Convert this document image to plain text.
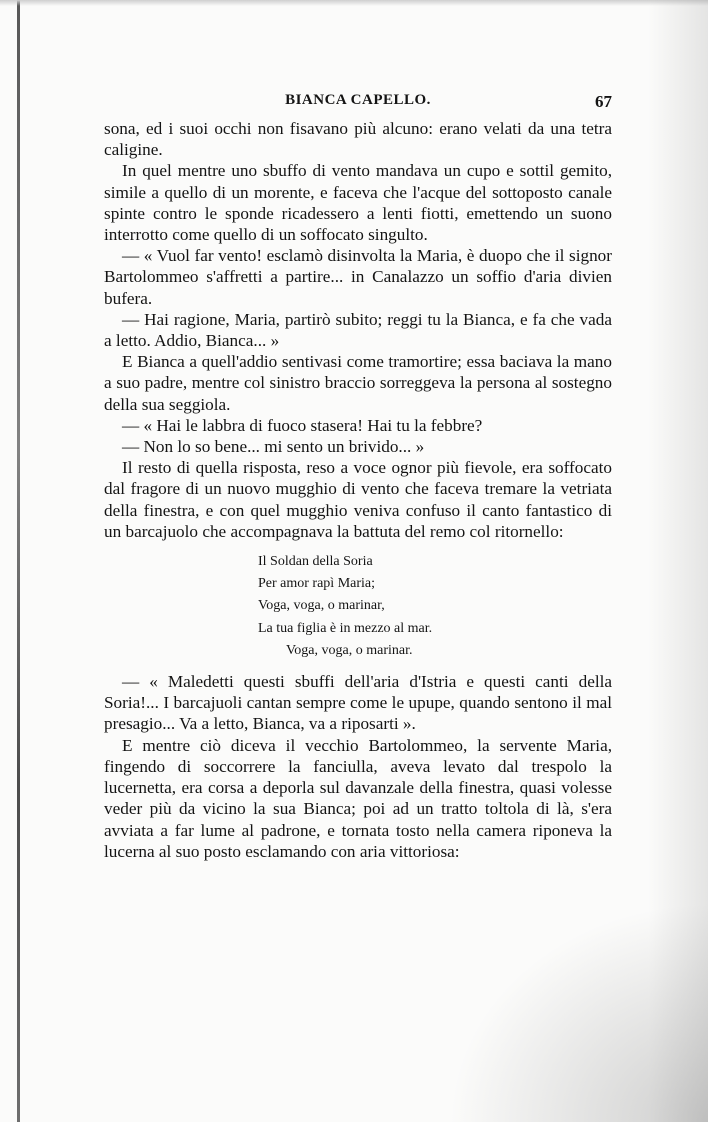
BIANCA CAPELLO.	67

sona, ed i suoi occhi non fisavano più alcuno: erano velati da una tetra caligine.

In quel mentre uno sbuffo di vento mandava un cupo e sottil gemito, simile a quello di un morente, e faceva che l'acque del sottoposto canale spinte contro le sponde ricadessero a lenti fiotti, emettendo un suono interrotto come quello di un soffocato singulto.

— « Vuol far vento! esclamò disinvolta la Maria, è duopo che il signor Bartolommeo s'affretti a partire... in Canalazzo un soffio d'aria divien bufera.

— Hai ragione, Maria, partirò subito; reggi tu la Bianca, e fa che vada a letto. Addio, Bianca... »

E Bianca a quell'addio sentivasi come tramortire; essa baciava la mano a suo padre, mentre col sinistro braccio sorreggeva la persona al sostegno della sua seggiola.

— « Hai le labbra di fuoco stasera! Hai tu la febbre?

— Non lo so bene... mi sento un brivido... »

Il resto di quella risposta, reso a voce ognor più fievole, era soffocato dal fragore di un nuovo mugghio di vento che faceva tremare la vetriata della finestra, e con quel mugghio veniva confuso il canto fantastico di un barcajuolo che accompagnava la battuta del remo col ritornello:

Il Soldan della Soria
Per amor rapì Maria;
Voga, voga, o marinar,
La tua figlia è in mezzo al mar.
Voga, voga, o marinar.

— « Maledetti questi sbuffi dell'aria d'Istria e questi canti della Soria!... I barcajuoli cantan sempre come le upupe, quando sentono il mal presagio... Va a letto, Bianca, va a riposarti ».

E mentre ciò diceva il vecchio Bartolommeo, la servente Maria, fingendo di soccorrere la fanciulla, aveva levato dal trespolo la lucernetta, era corsa a deporla sul davanzale della finestra, quasi volesse veder più da vicino la sua Bianca; poi ad un tratto toltola di là, s'era avviata a far lume al padrone, e tornata tosto nella camera riponeva la lucerna al suo posto esclamando con aria vittoriosa:
